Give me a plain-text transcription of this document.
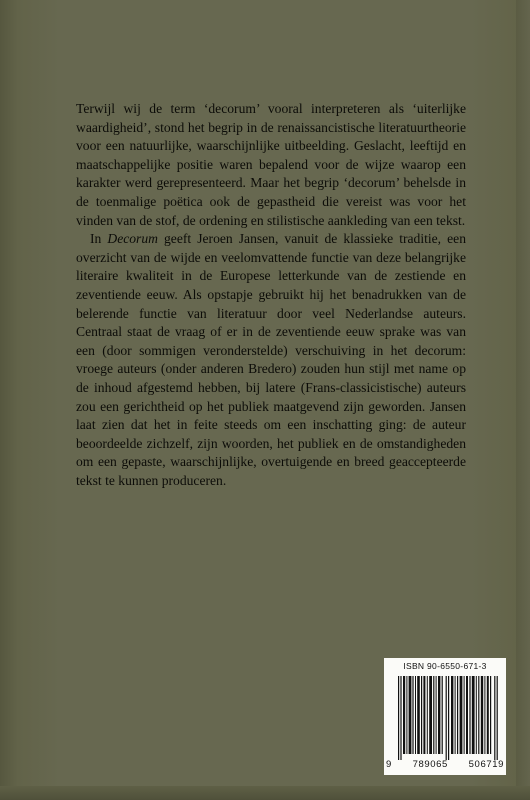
Terwijl wij de term ‘decorum’ vooral interpreteren als ‘uiterlijke waardigheid’, stond het begrip in de renaissancistische literatuurtheorie voor een natuurlijke, waarschijnlijke uitbeelding. Geslacht, leeftijd en maatschappelijke positie waren bepalend voor de wijze waarop een karakter werd gerepresenteerd. Maar het begrip ‘decorum’ behelsde in de toenmalige poëtica ook de gepastheid die vereist was voor het vinden van de stof, de ordening en stilistische aankleding van een tekst.

In Decorum geeft Jeroen Jansen, vanuit de klassieke traditie, een overzicht van de wijde en veelomvattende functie van deze belangrijke literaire kwaliteit in de Europese letterkunde van de zestiende en zeventiende eeuw. Als opstapje gebruikt hij het benadrukken van de belerende functie van literatuur door veel Nederlandse auteurs. Centraal staat de vraag of er in de zeventiende eeuw sprake was van een (door sommigen veronderstelde) verschuiving in het decorum: vroege auteurs (onder anderen Bredero) zouden hun stijl met name op de inhoud afgestemd hebben, bij latere (Frans-classicistische) auteurs zou een gerichtheid op het publiek maatgevend zijn geworden. Jansen laat zien dat het in feite steeds om een inschatting ging: de auteur beoordeelde zichzelf, zijn woorden, het publiek en de omstandigheden om een gepaste, waarschijnlijke, overtuigende en breed geaccepteerde tekst te kunnen produceren.

ISBN 90-6550-671-3
9 789065 506719
